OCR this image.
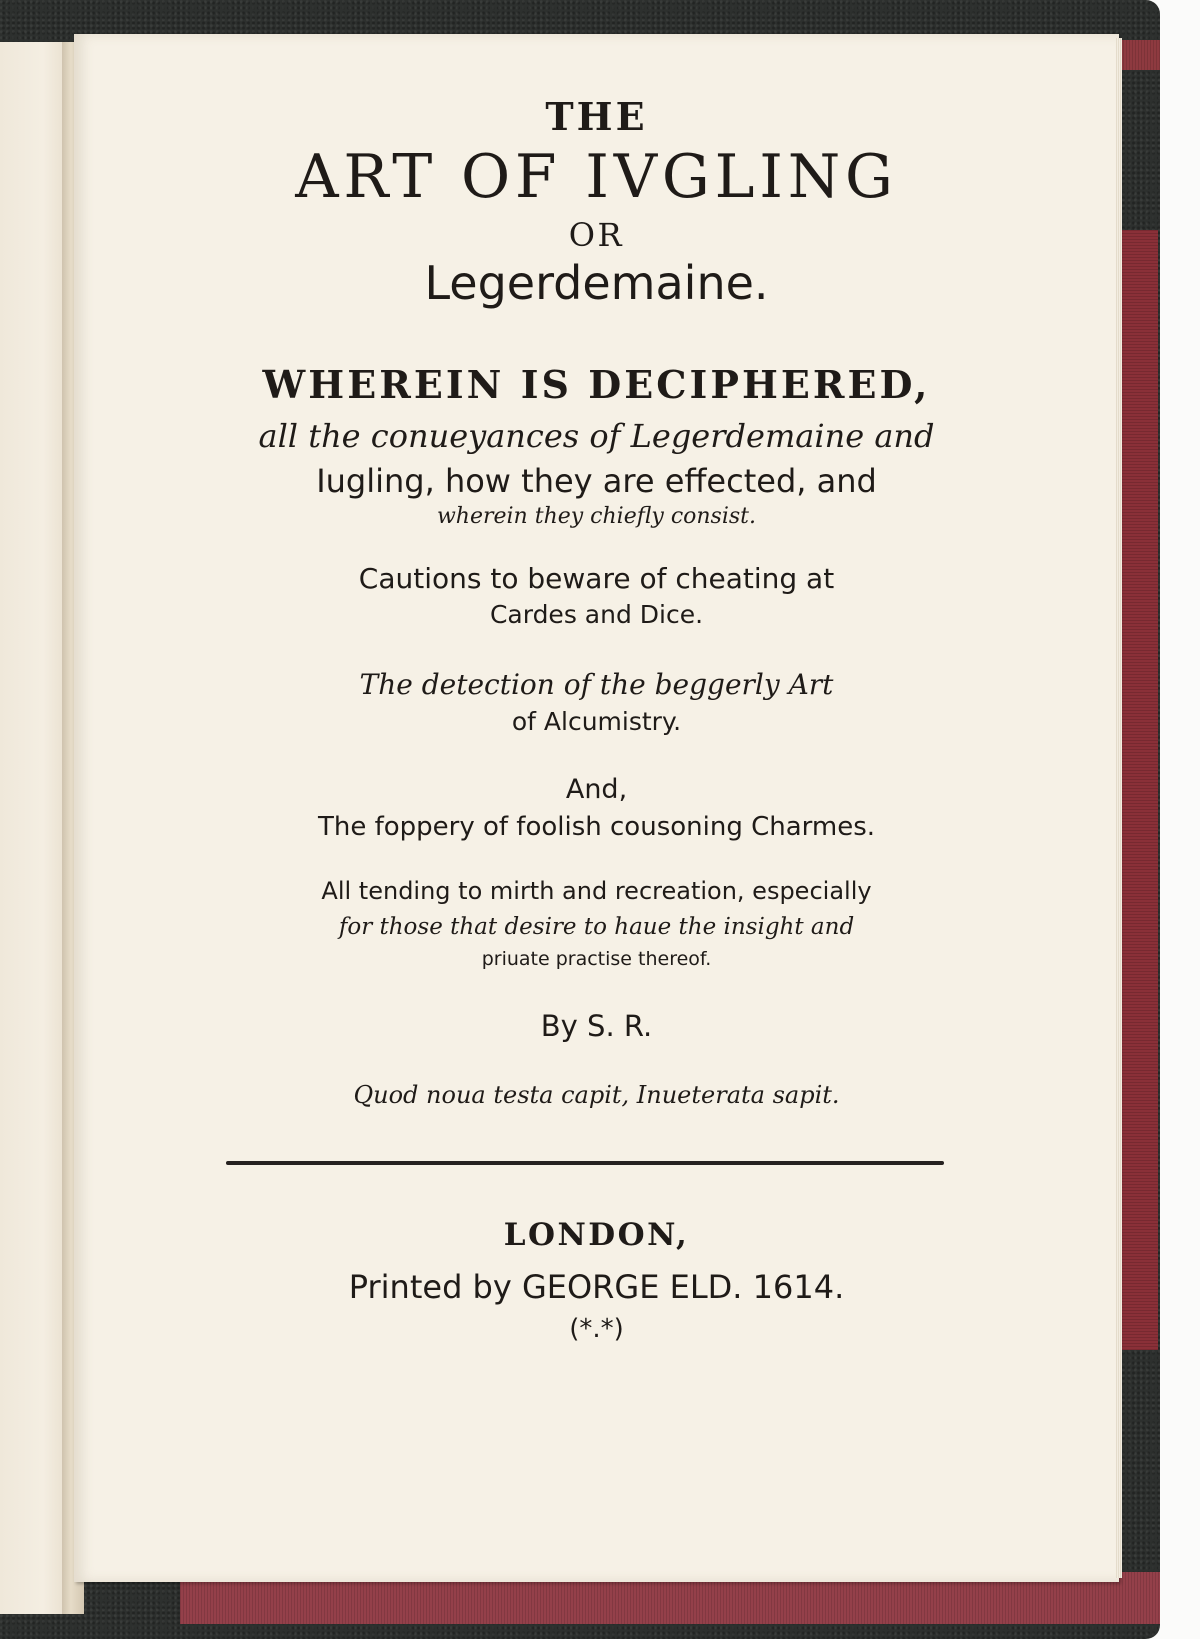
THE
ART OF IVGLING
OR
Legerdemaine.
WHEREIN IS DECIPHERED,
all the conueyances of Legerdemaine and
Iugling, how they are effected, and
wherein they chiefly consist.
Cautions to beware of cheating at
Cardes and Dice.
The detection of the beggerly Art
of Alcumistry.
And,
The foppery of foolish cousoning Charmes.
All tending to mirth and recreation, especially
for those that desire to haue the insight and
priuate practise thereof.
By S. R.
Quod noua testa capit, Inueterata sapit.
LONDON,
Printed by GEORGE ELD. 1614.
(*.*)
